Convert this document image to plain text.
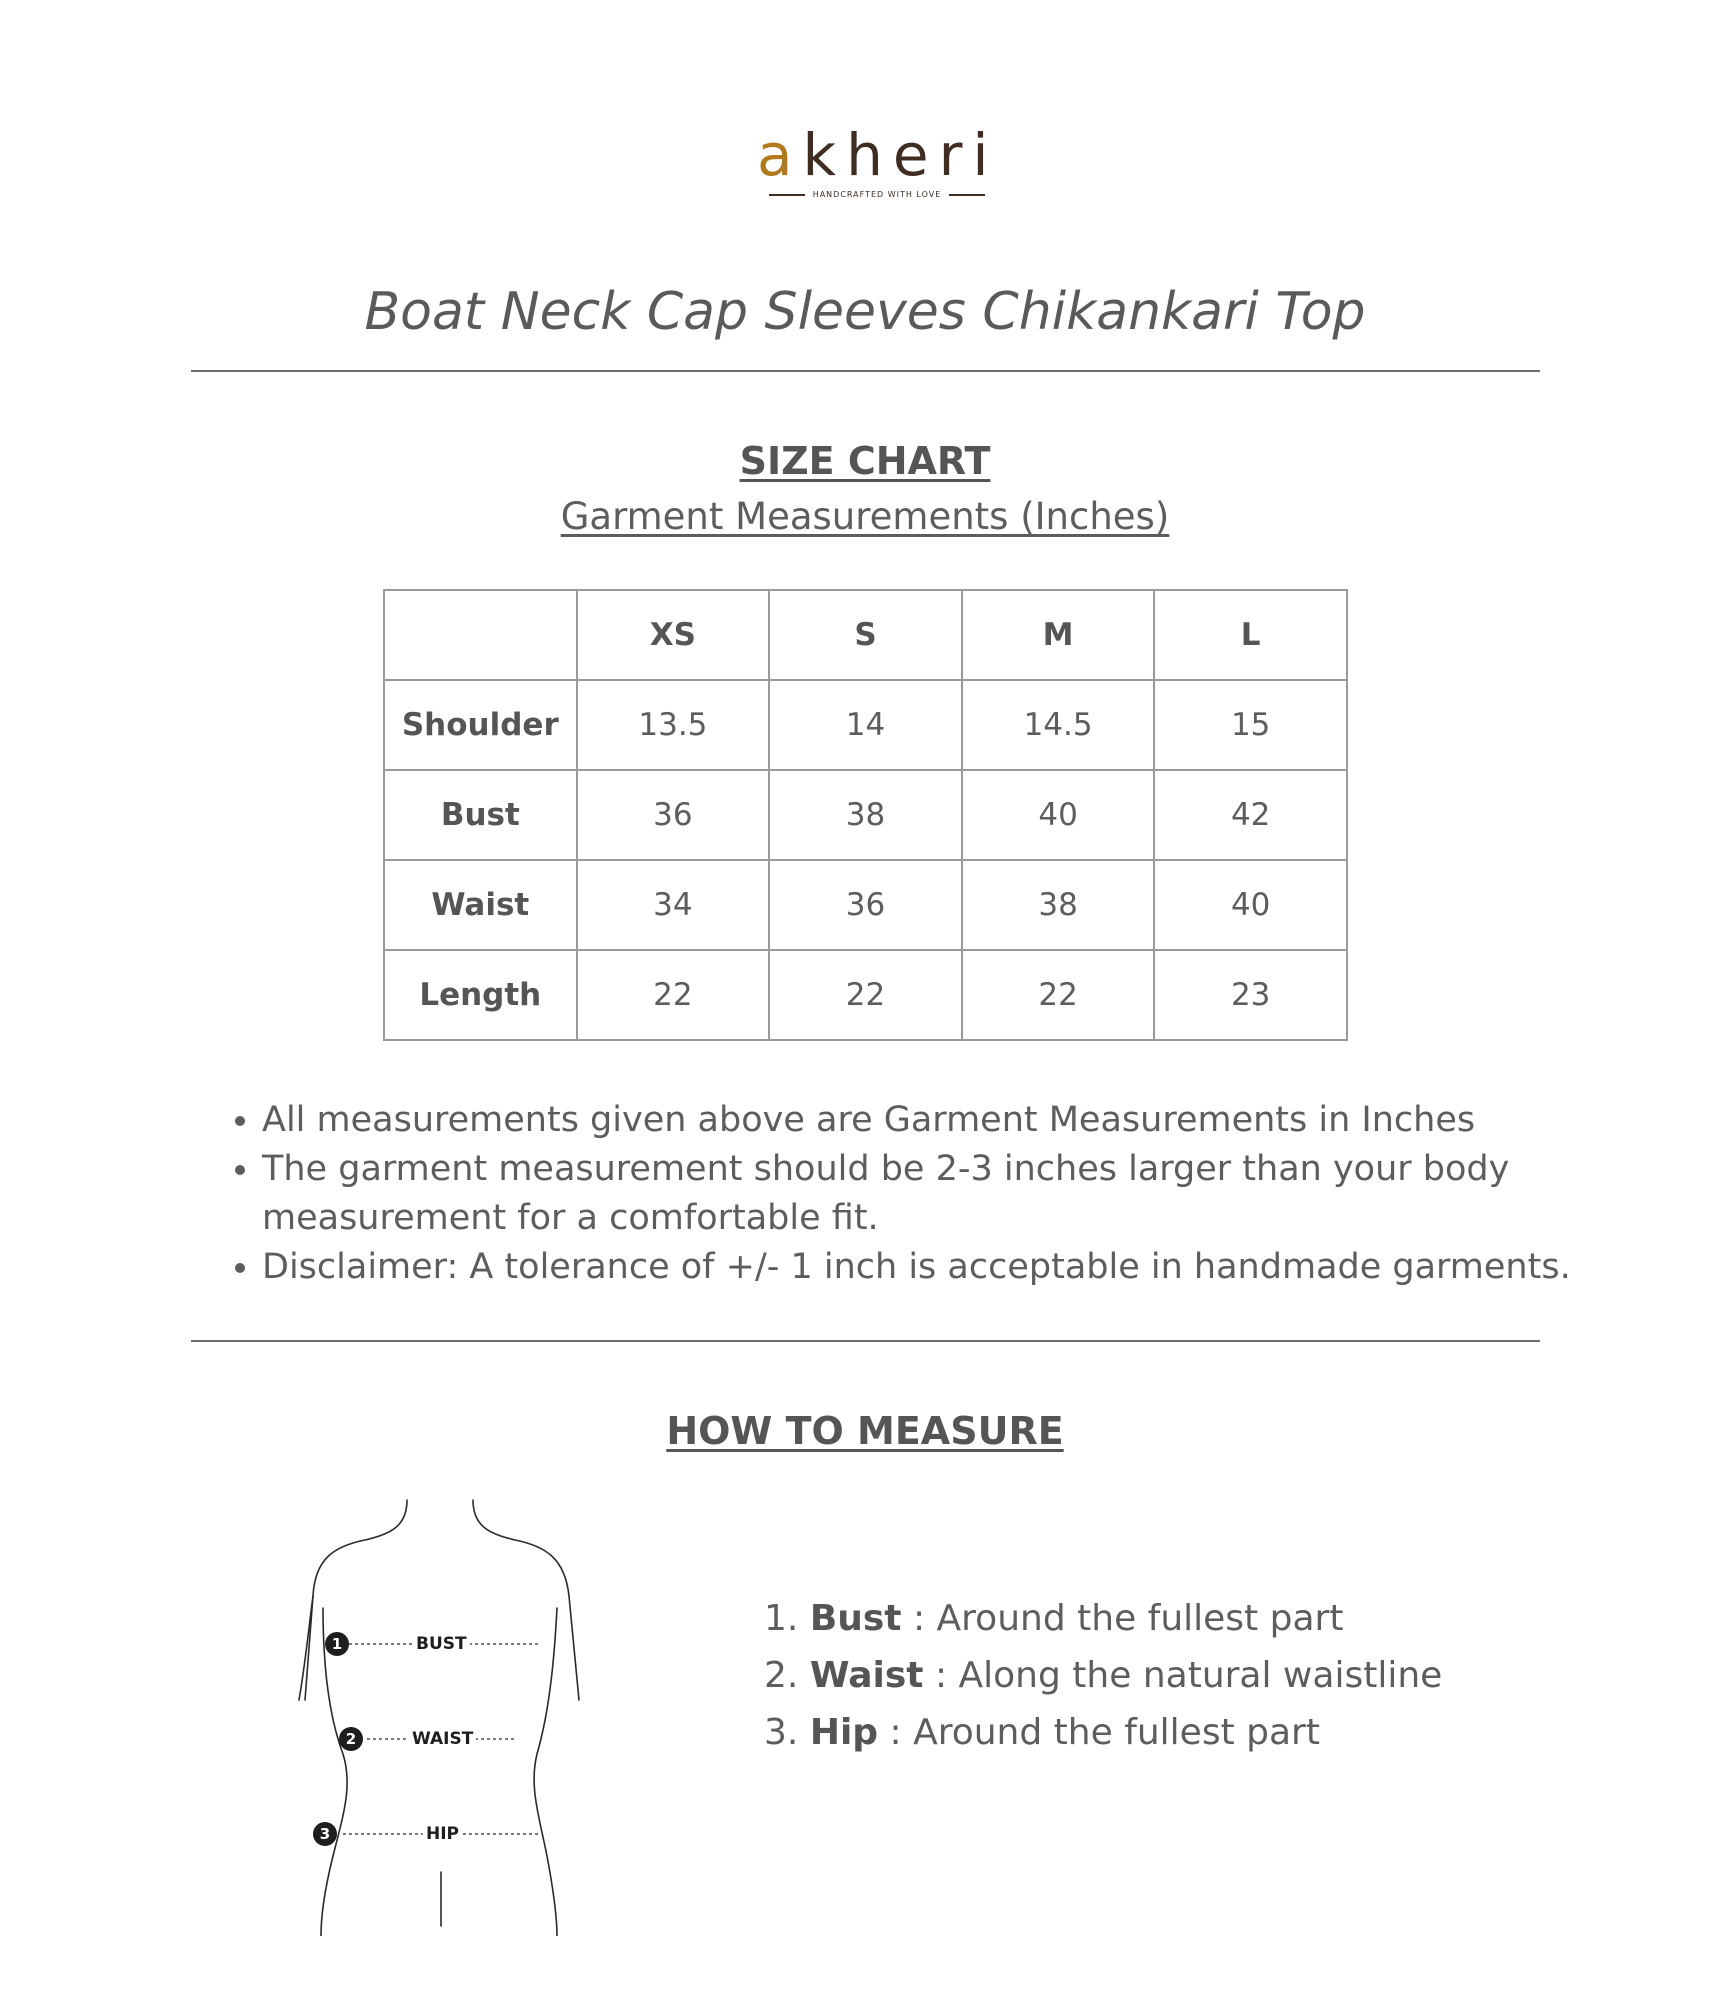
akheri
HANDCRAFTED WITH LOVE
Boat Neck Cap Sleeves Chikankari Top
SIZE CHART
Garment Measurements (Inches)
	XS	S	M	L
Shoulder	13.5	14	14.5	15
Bust	36	38	40	42
Waist	34	36	38	40
Length	22	22	22	23
• All measurements given above are Garment Measurements in Inches
• The garment measurement should be 2-3 inches larger than your body measurement for a comfortable fit.
• Disclaimer: A tolerance of +/- 1 inch is acceptable in handmade garments.
HOW TO MEASURE
1	BUST
2	WAIST
3	HIP
1. Bust : Around the fullest part
2. Waist : Along the natural waistline
3. Hip : Around the fullest part
